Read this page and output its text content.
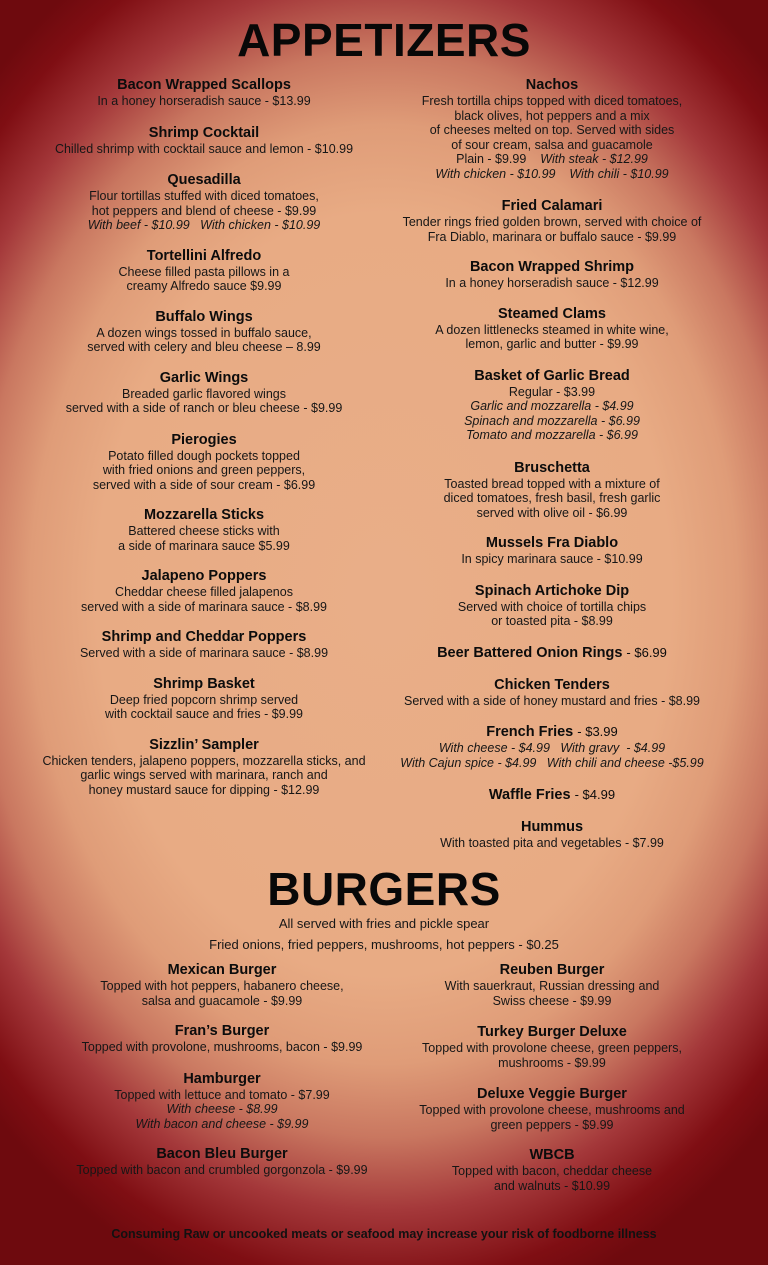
APPETIZERS
Bacon Wrapped Scallops
In a honey horseradish sauce - $13.99
Shrimp Cocktail
Chilled shrimp with cocktail sauce and lemon - $10.99
Quesadilla
Flour tortillas stuffed with diced tomatoes,
hot peppers and blend of cheese - $9.99
With beef - $10.99   With chicken - $10.99
Tortellini Alfredo
Cheese filled pasta pillows in a
creamy Alfredo sauce $9.99
Buffalo Wings
A dozen wings tossed in buffalo sauce,
served with celery and bleu cheese – 8.99
Garlic Wings
Breaded garlic flavored wings
served with a side of ranch or bleu cheese - $9.99
Pierogies
Potato filled dough pockets topped
with fried onions and green peppers,
served with a side of sour cream - $6.99
Mozzarella Sticks
Battered cheese sticks with
a side of marinara sauce $5.99
Jalapeno Poppers
Cheddar cheese filled jalapenos
served with a side of marinara sauce - $8.99
Shrimp and Cheddar Poppers
Served with a side of marinara sauce - $8.99
Shrimp Basket
Deep fried popcorn shrimp served
with cocktail sauce and fries - $9.99
Sizzlin’ Sampler
Chicken tenders, jalapeno poppers, mozzarella sticks, and
garlic wings served with marinara, ranch and
honey mustard sauce for dipping - $12.99
Nachos
Fresh tortilla chips topped with diced tomatoes,
black olives, hot peppers and a mix
of cheeses melted on top. Served with sides
of sour cream, salsa and guacamole
Plain - $9.99 With steak - $12.99
With chicken - $10.99    With chili - $10.99
Fried Calamari
Tender rings fried golden brown, served with choice of
Fra Diablo, marinara or buffalo sauce - $9.99
Bacon Wrapped Shrimp
In a honey horseradish sauce - $12.99
Steamed Clams
A dozen littlenecks steamed in white wine,
lemon, garlic and butter - $9.99
Basket of Garlic Bread
Regular - $3.99
Garlic and mozzarella - $4.99
Spinach and mozzarella - $6.99
Tomato and mozzarella - $6.99
Bruschetta
Toasted bread topped with a mixture of
diced tomatoes, fresh basil, fresh garlic
served with olive oil - $6.99
Mussels Fra Diablo
In spicy marinara sauce - $10.99
Spinach Artichoke Dip
Served with choice of tortilla chips
or toasted pita - $8.99
Beer Battered Onion Rings - $6.99
Chicken Tenders
Served with a side of honey mustard and fries - $8.99
French Fries - $3.99
With cheese - $4.99   With gravy  - $4.99
With Cajun spice - $4.99   With chili and cheese -$5.99
Waffle Fries - $4.99
Hummus
With toasted pita and vegetables - $7.99
BURGERS
All served with fries and pickle spear
Fried onions, fried peppers, mushrooms, hot peppers - $0.25
Mexican Burger
Topped with hot peppers, habanero cheese,
salsa and guacamole - $9.99
Fran’s Burger
Topped with provolone, mushrooms, bacon - $9.99
Hamburger
Topped with lettuce and tomato - $7.99
With cheese - $8.99
With bacon and cheese - $9.99
Bacon Bleu Burger
Topped with bacon and crumbled gorgonzola - $9.99
Reuben Burger
With sauerkraut, Russian dressing and
Swiss cheese - $9.99
Turkey Burger Deluxe
Topped with provolone cheese, green peppers,
mushrooms - $9.99
Deluxe Veggie Burger
Topped with provolone cheese, mushrooms and
green peppers - $9.99
WBCB
Topped with bacon, cheddar cheese
and walnuts - $10.99
Consuming Raw or uncooked meats or seafood may increase your risk of foodborne illness
